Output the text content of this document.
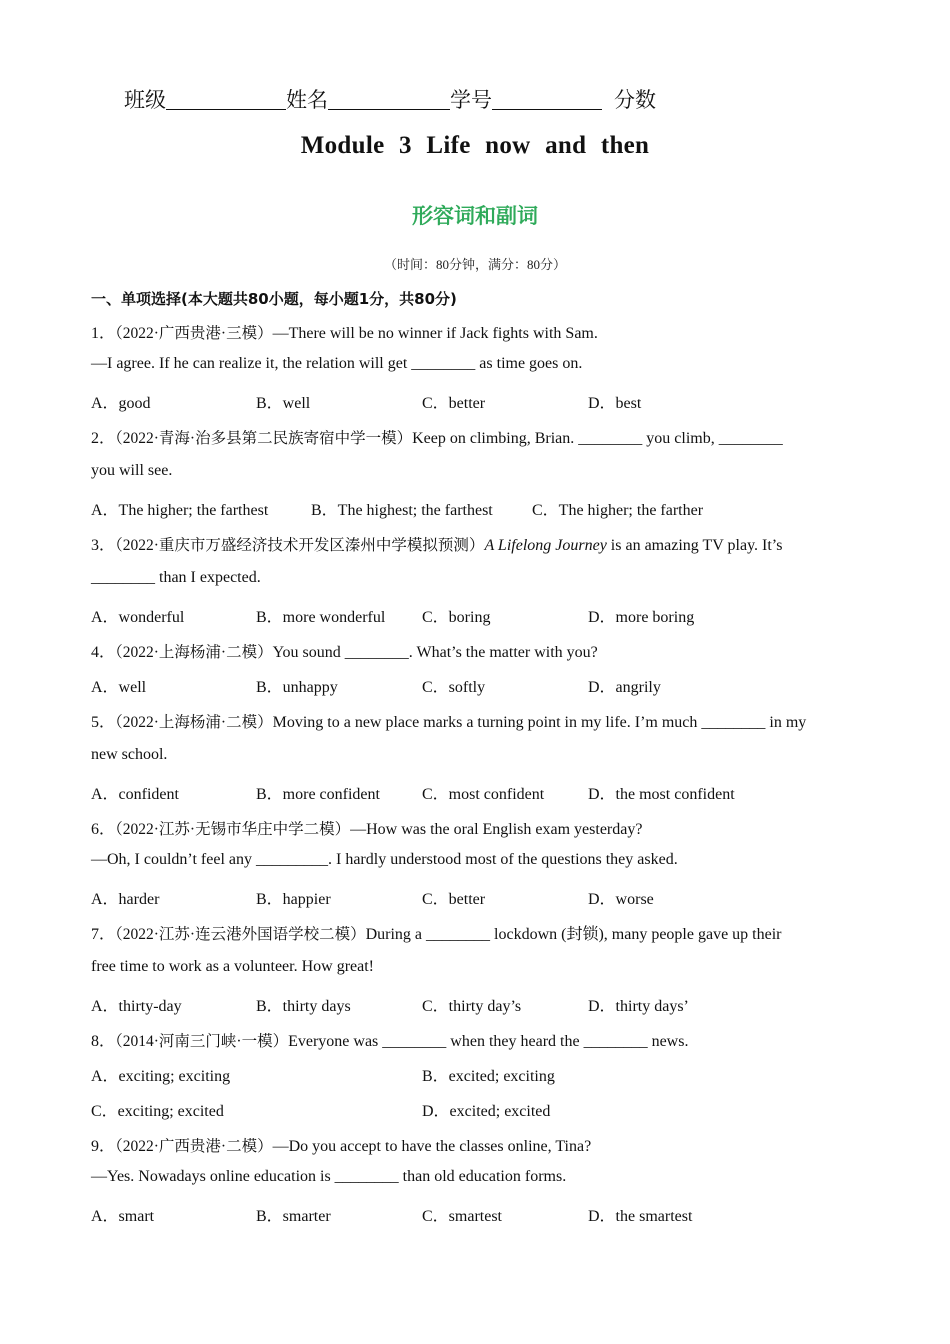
班级	姓名	学号	分数
Module 3 Life now and then
形容词和副词
（时间：80分钟，满分：80分）
一、单项选择(本大题共80小题，每小题1分，共80分)
1．（2022·广西贵港·三模）—There will be no winner if Jack fights with Sam.
—I agree. If he can realize it, the relation will get ________ as time goes on.
A．good	B．well	C．better	D．best
2．（2022·青海·治多县第二民族寄宿中学一模）Keep on climbing, Brian. ________ you climb, ________
you will see.
A．The higher; the farthest	B．The highest; the farthest C．The higher; the farther
3．（2022·重庆市万盛经济技术开发区溱州中学模拟预测）A Lifelong Journey is an amazing TV play. It’s
________ than I expected.
A．wonderful	B．more wonderful C．boring	D．more boring
4．（2022·上海杨浦·二模）You sound ________. What’s the matter with you?
A．well	B．unhappy	C．softly	D．angrily
5．（2022·上海杨浦·二模）Moving to a new place marks a turning point in my life. I’m much ________ in my
new school.
A．confident	B．more confident	C．most confident	D．the most confident
6．（2022·江苏·无锡市华庄中学二模）—How was the oral English exam yesterday?
—Oh, I couldn’t feel any _________. I hardly understood most of the questions they asked.
A．harder	B．happier	C．better	D．worse
7．（2022·江苏·连云港外国语学校二模）During a ________ lockdown (封锁), many people gave up their
free time to work as a volunteer. How great!
A．thirty-day	B．thirty days	C．thirty day’s	D．thirty days’
8．（2014·河南三门峡·一模）Everyone was ________ when they heard the ________ news.
A．exciting; exciting	B．excited; exciting
C．exciting; excited	D．excited; excited
9．（2022·广西贵港·二模）—Do you accept to have the classes online, Tina?
—Yes. Nowadays online education is ________ than old education forms.
A．smart	B．smarter	C．smartest	D．the smartest
